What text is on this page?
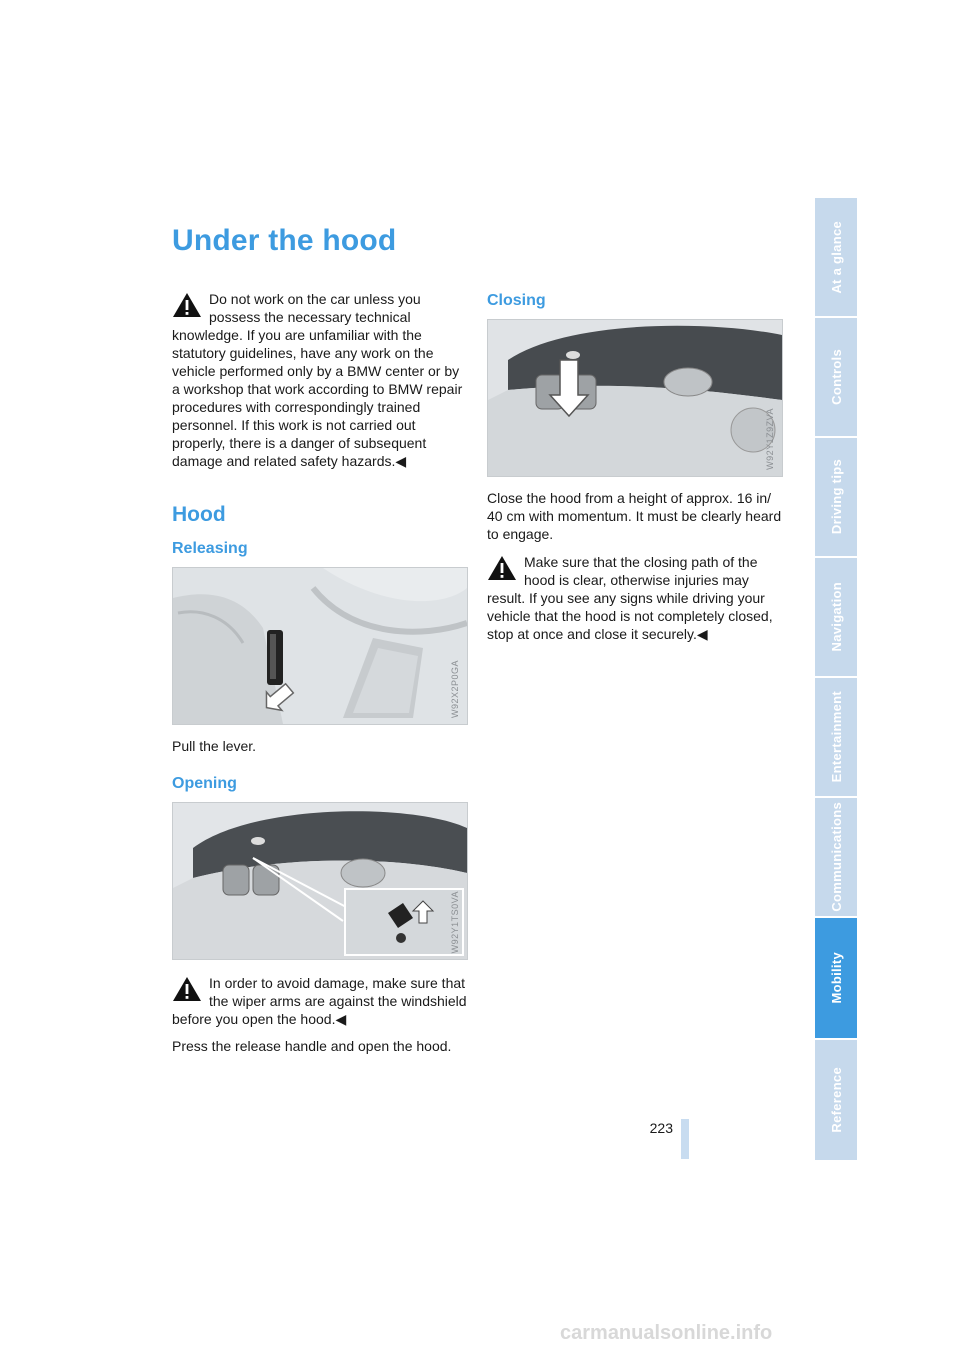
Under the hood

Do not work on the car unless you possess the necessary technical knowledge. If you are unfamiliar with the statutory guidelines, have any work on the vehicle performed only by a BMW center or by a workshop that work according to BMW repair procedures with correspondingly trained personnel. If this work is not carried out properly, there is a danger of subsequent damage and related safety hazards.◀

Hood
Releasing
W92X2P0GA

Pull the lever.

Opening
W92Y1TS0VA

In order to avoid damage, make sure that the wiper arms are against the windshield before you open the hood.◀

Press the release handle and open the hood.

Closing
W92Y1Z9ZVA

Close the hood from a height of approx. 16 in/ 40 cm with momentum. It must be clearly heard to engage.

Make sure that the closing path of the hood is clear, otherwise injuries may result. If you see any signs while driving your vehicle that the hood is not completely closed, stop at once and close it securely.◀

223
At a glance
Controls
Driving tips
Navigation
Entertainment
Communications
Mobility
Reference
carmanualsonline.info
